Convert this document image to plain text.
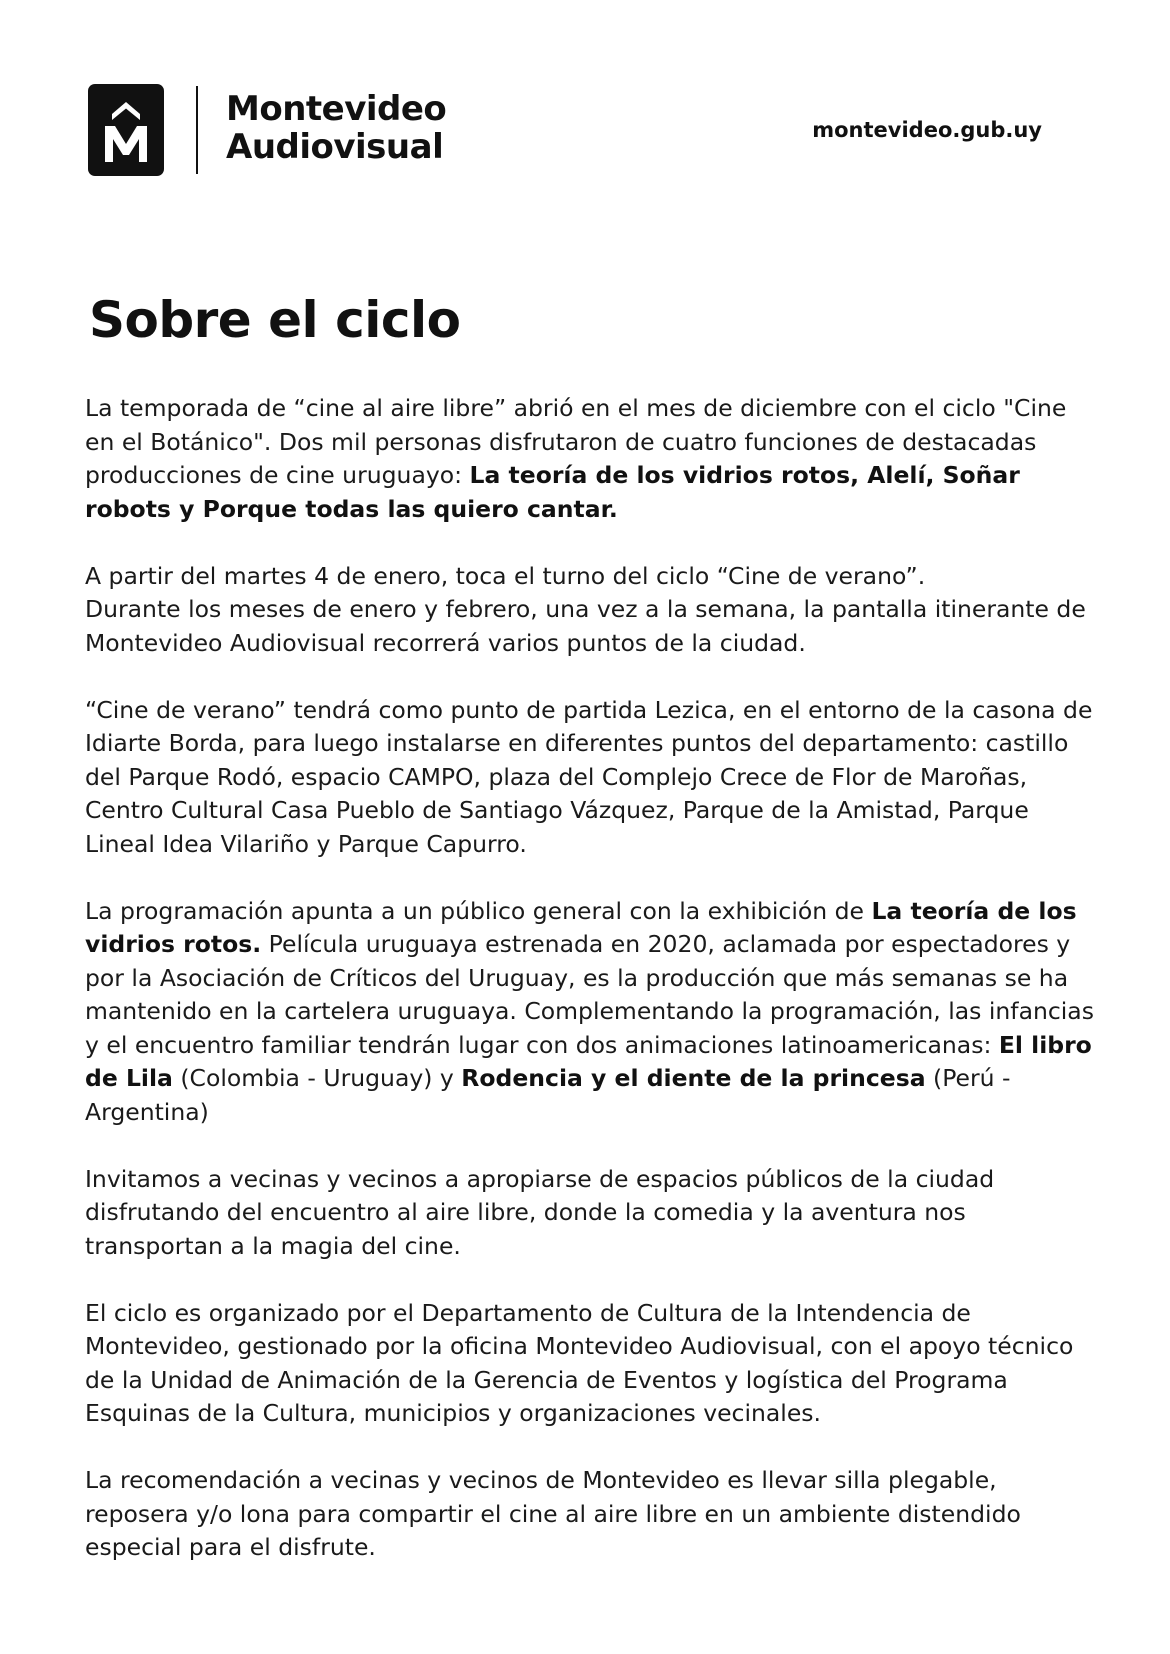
Montevideo
Audiovisual	montevideo.gub.uy
Sobre el ciclo

La temporada de “cine al aire libre” abrió en el mes de diciembre con el ciclo "Cine en el Botánico". Dos mil personas disfrutaron de cuatro funciones de destacadas producciones de cine uruguayo: La teoría de los vidrios rotos, Alelí, Soñar robots y Porque todas las quiero cantar.

A partir del martes 4 de enero, toca el turno del ciclo “Cine de verano”.
Durante los meses de enero y febrero, una vez a la semana, la pantalla itinerante de Montevideo Audiovisual recorrerá varios puntos de la ciudad.

“Cine de verano” tendrá como punto de partida Lezica, en el entorno de la casona de Idiarte Borda, para luego instalarse en diferentes puntos del departamento: castillo del Parque Rodó, espacio CAMPO, plaza del Complejo Crece de Flor de Maroñas, Centro Cultural Casa Pueblo de Santiago Vázquez, Parque de la Amistad, Parque Lineal Idea Vilariño y Parque Capurro.

La programación apunta a un público general con la exhibición de La teoría de los vidrios rotos. Película uruguaya estrenada en 2020, aclamada por espectadores y por la Asociación de Críticos del Uruguay, es la producción que más semanas se ha mantenido en la cartelera uruguaya. Complementando la programación, las infancias y el encuentro familiar tendrán lugar con dos animaciones latinoamericanas: El libro de Lila (Colombia - Uruguay) y Rodencia y el diente de la princesa (Perú - Argentina)

Invitamos a vecinas y vecinos a apropiarse de espacios públicos de la ciudad disfrutando del encuentro al aire libre, donde la comedia y la aventura nos transportan a la magia del cine.

El ciclo es organizado por el Departamento de Cultura de la Intendencia de Montevideo, gestionado por la oficina Montevideo Audiovisual, con el apoyo técnico de la Unidad de Animación de la Gerencia de Eventos y logística del Programa Esquinas de la Cultura, municipios y organizaciones vecinales.

La recomendación a vecinas y vecinos de Montevideo es llevar silla plegable, reposera y/o lona para compartir el cine al aire libre en un ambiente distendido especial para el disfrute.
